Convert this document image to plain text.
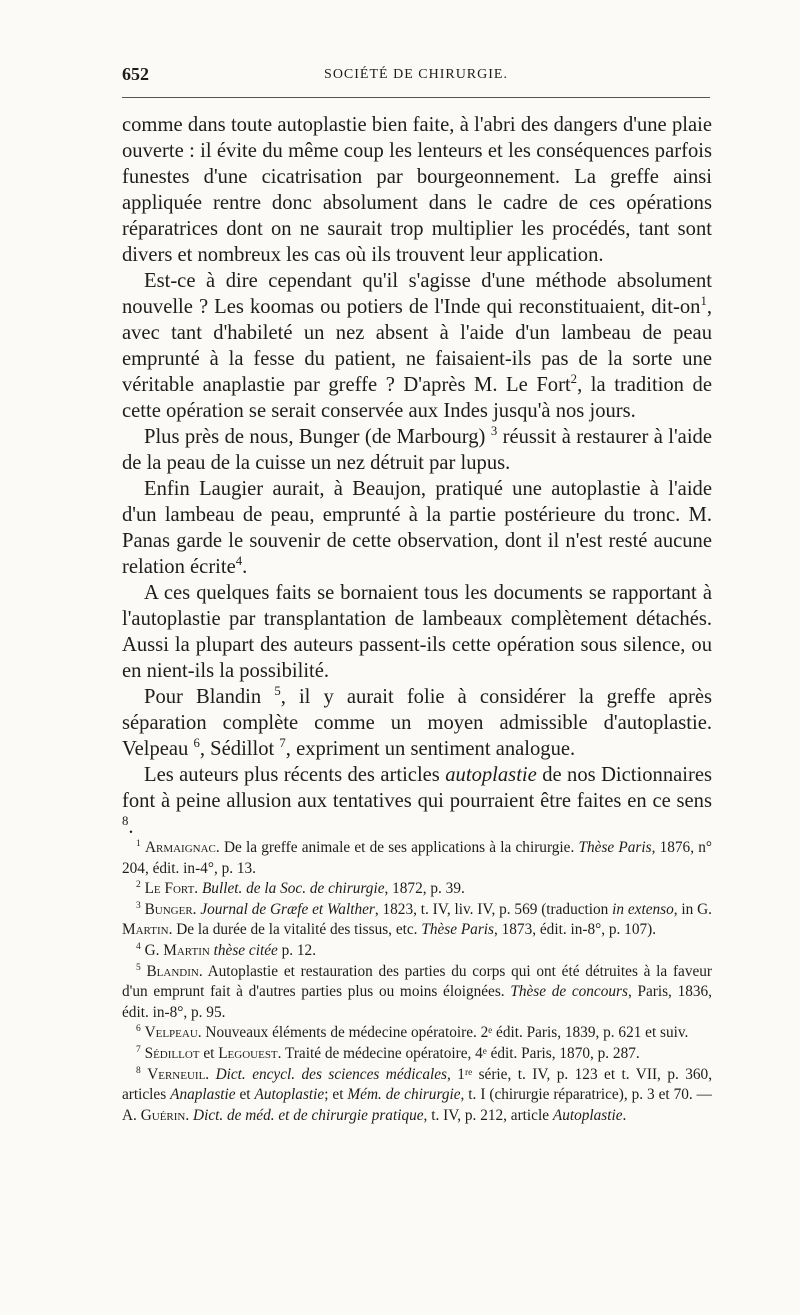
652	SOCIÉTÉ DE CHIRURGIE.

comme dans toute autoplastie bien faite, à l'abri des dangers d'une plaie ouverte : il évite du même coup les lenteurs et les conséquences parfois funestes d'une cicatrisation par bourgeonnement. La greffe ainsi appliquée rentre donc absolument dans le cadre de ces opérations réparatrices dont on ne saurait trop multiplier les procédés, tant sont divers et nombreux les cas où ils trouvent leur application.

Est-ce à dire cependant qu'il s'agisse d'une méthode absolument nouvelle ? Les koomas ou potiers de l'Inde qui reconstituaient, dit-$on^1$, avec tant d'habileté un nez absent à l'aide d'un lambeau de peau emprunté à la fesse du patient, ne faisaient-ils pas de la sorte une véritable anaplastie par greffe ? D'après M. Le Fort$^2$, la tradition de cette opération se serait conservée aux Indes jusqu'à nos jours.

Plus près de nous, Bunger (de Marbourg) $^3$ réussit à restaurer à l'aide de la peau de la cuisse un nez détruit par lupus.

Enfin Laugier aurait, à Beaujon, pratiqué une autoplastie à l'aide d'un lambeau de peau, emprunté à la partie postérieure du tronc. M. Panas garde le souvenir de cette observation, dont il n'est resté aucune relation écrite$^4$.

A ces quelques faits se bornaient tous les documents se rapportant à l'autoplastie par transplantation de lambeaux complètement détachés. Aussi la plupart des auteurs passent-ils cette opération sous silence, ou en nient-ils la possibilité.

Pour Blandin $^5$, il y aurait folie à considérer la greffe après séparation complète comme un moyen admissible d'autoplastie. Velpeau $^6$, Sédillot $^7$, expriment un sentiment analogue.

Les auteurs plus récents des articles autoplastie de nos Dictionnaires font à peine allusion aux tentatives qui pourraient être faites en ce sens $^8$.

$^1$ Armaignac. De la greffe animale et de ses applications à la chirurgie. Thèse Paris, 1876, n° 204, édit. in-4°, p. 13.

$^2$ Le Fort. Bullet. de la Soc. de chirurgie, 1872, p. 39.

$^3$ Bunger. Journal de Græfe et Walther, 1823, t. IV, liv. IV, p. 569 (traduction in extenso, in G. Martin. De la durée de la vitalité des tissus, etc. Thèse Paris, 1873, édit. in-8°, p. 107).

$^4$ G. Martin thèse citée p. 12.

$^5$ Blandin. Autoplastie et restauration des parties du corps qui ont été détruites à la faveur d'un emprunt fait à d'autres parties plus ou moins éloignées. Thèse de concours, Paris, 1836, édit. in-8°, p. 95.

$^6$ Velpeau. Nouveaux éléments de médecine opératoire. 2ᵉ édit. Paris, 1839, p. 621 et suiv.

$^7$ Sédillot et Legouest. Traité de médecine opératoire, 4ᵉ édit. Paris, 1870, p. 287.

$^8$ Verneuil. Dict. encycl. des sciences médicales, 1ʳᵉ série, t. IV, p. 123 et t. VII, p. 360, articles Anaplastie et Autoplastie; et Mém. de chirurgie, t. I (chirurgie réparatrice), p. 3 et 70. — A. Guérin. Dict. de méd. et de chirurgie pratique, t. IV, p. 212, article Autoplastie.
